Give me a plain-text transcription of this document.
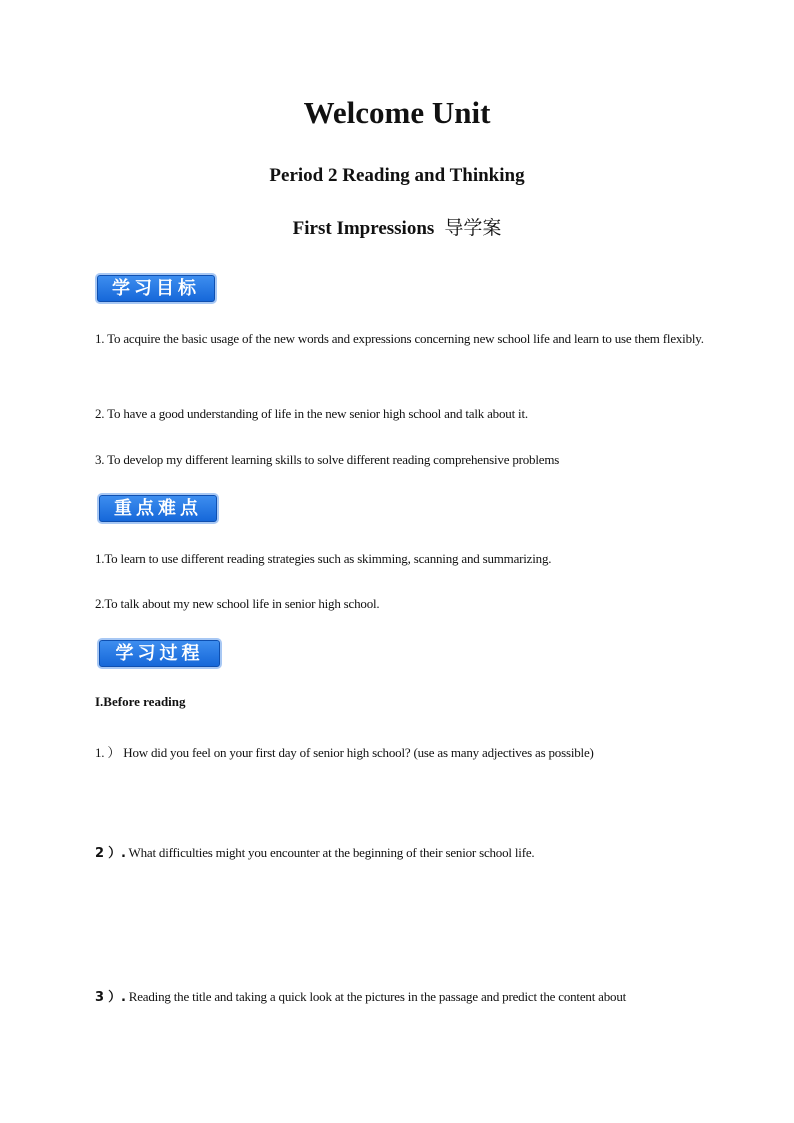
Welcome Unit
Period 2 Reading and Thinking
First Impressions 导学案
学习目标
1. To acquire the basic usage of the new words and expressions concerning new school life and learn to use them flexibly.
2. To have a good understanding of life in the new senior high school and talk about it.
3. To develop my different learning skills to solve different reading comprehensive problems
重点难点
1.To learn to use different reading strategies such as skimming, scanning and summarizing.
2.To talk about my new school life in senior high school.
学习过程
I.Before reading
1. ） How did you feel on your first day of senior high school? (use as many adjectives as possible)
2 ）. What difficulties might you encounter at the beginning of their senior school life.
3 ）. Reading the title and taking a quick look at the pictures in the passage and predict the content about
